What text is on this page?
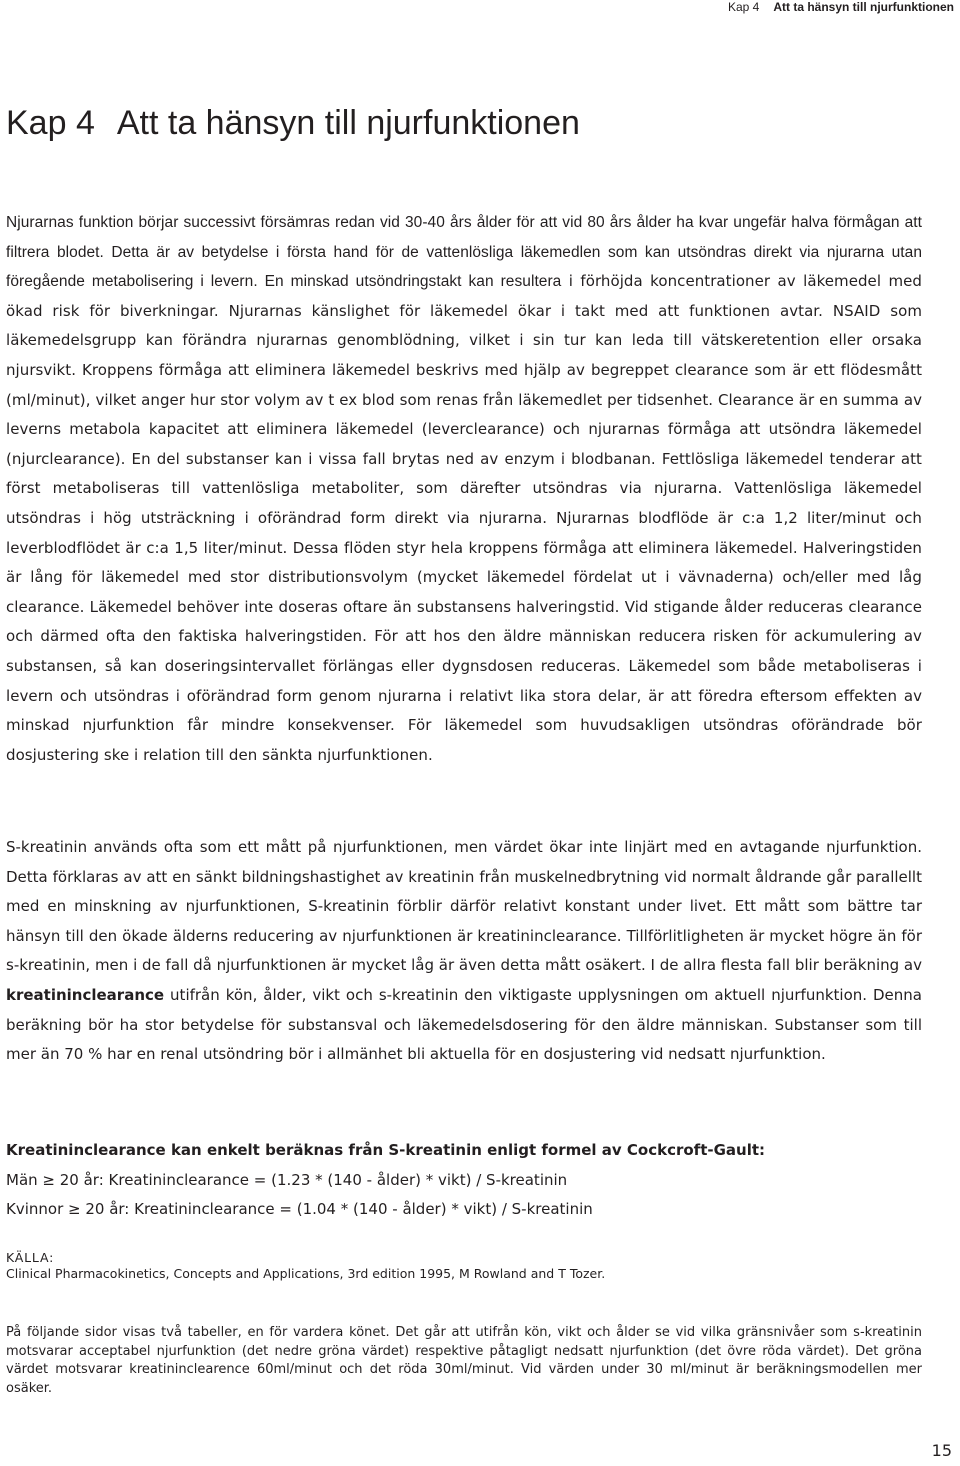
Kap 4 Att ta hänsyn till njurfunktionen
Kap 4 Att ta hänsyn till njurfunktionen

Njurarnas funktion börjar successivt försämras redan vid 30-40 års ålder för att vid 80 års ålder ha kvar ungefär halva förmågan att filtrera blodet. Detta är av betydelse i första hand för de vattenlösliga läkemedlen som kan utsöndras direkt via njurarna utan föregående metabolisering i levern. En minskad utsöndringstakt kan resultera i förhöjda koncentrationer av läkemedel med ökad risk för biverkningar. Njurarnas känslighet för läkemedel ökar i takt med att funktionen avtar. NSAID som läkemedelsgrupp kan förändra njurarnas genomblödning, vilket i sin tur kan leda till vätskeretention eller orsaka njursvikt. Kroppens förmåga att eliminera läkemedel beskrivs med hjälp av begreppet clearance som är ett flödesmått (ml/minut), vilket anger hur stor volym av t ex blod som renas från läkemedlet per tidsenhet. Clearance är en summa av leverns metabola kapacitet att eliminera läkemedel (leverclearance) och njurarnas förmåga att utsöndra läkemedel (njurclearance). En del substanser kan i vissa fall brytas ned av enzym i blodbanan. Fettlösliga läkemedel tenderar att först metaboliseras till vattenlösliga metaboliter, som därefter utsöndras via njurarna. Vattenlösliga läkemedel utsöndras i hög utsträckning i oförändrad form direkt via njurarna. Njurarnas blodflöde är c:a 1,2 liter/minut och leverblodflödet är c:a 1,5 liter/minut. Dessa flöden styr hela kroppens förmåga att eliminera läkemedel. Halveringstiden är lång för läkemedel med stor distributionsvolym (mycket läkemedel fördelat ut i vävnaderna) och/eller med låg clearance. Läkemedel behöver inte doseras oftare än substansens halveringstid. Vid stigande ålder reduceras clearance och därmed ofta den faktiska halveringstiden. För att hos den äldre människan reducera risken för ackumulering av substansen, så kan doseringsintervallet förlängas eller dygnsdosen reduceras. Läkemedel som både metaboliseras i levern och utsöndras i oförändrad form genom njurarna i relativt lika stora delar, är att föredra eftersom effekten av minskad njurfunktion får mindre konsekvenser. För läkemedel som huvudsakligen utsöndras oförändrade bör dosjustering ske i relation till den sänkta njurfunktionen.

S-kreatinin används ofta som ett mått på njurfunktionen, men värdet ökar inte linjärt med en avtagande njurfunktion. Detta förklaras av att en sänkt bildningshastighet av kreatinin från muskelnedbrytning vid normalt åldrande går parallellt med en minskning av njurfunktionen, S-kreatinin förblir därför relativt konstant under livet. Ett mått som bättre tar hänsyn till den ökade älderns reducering av njurfunktionen är kreatininclearance. Tillförlitligheten är mycket högre än för s-kreatinin, men i de fall då njurfunktionen är mycket låg är även detta mått osäkert. I de allra flesta fall blir beräkning av kreatininclearance utifrån kön, ålder, vikt och s-kreatinin den viktigaste upplysningen om aktuell njurfunktion. Denna beräkning bör ha stor betydelse för substansval och läkemedelsdosering för den äldre människan. Substanser som till mer än 70 % har en renal utsöndring bör i allmänhet bli aktuella för en dosjustering vid nedsatt njurfunktion.

Kreatininclearance kan enkelt beräknas från S-kreatinin enligt formel av Cockcroft-Gault:
Män ≥ 20 år: Kreatininclearance = (1.23 * (140 - ålder) * vikt) / S-kreatinin
Kvinnor ≥ 20 år: Kreatininclearance = (1.04 * (140 - ålder) * vikt) / S-kreatinin
KÄLLA:
Clinical Pharmacokinetics, Concepts and Applications, 3rd edition 1995, M Rowland and T Tozer.

På följande sidor visas två tabeller, en för vardera könet. Det går att utifrån kön, vikt och ålder se vid vilka gränsnivåer som s-kreatinin motsvarar acceptabel njurfunktion (det nedre gröna värdet) respektive påtagligt nedsatt njurfunktion (det övre röda värdet). Det gröna värdet motsvarar kreatininclearence 60ml/minut och det röda 30ml/minut. Vid värden under 30 ml/minut är beräkningsmodellen mer osäker.

15
